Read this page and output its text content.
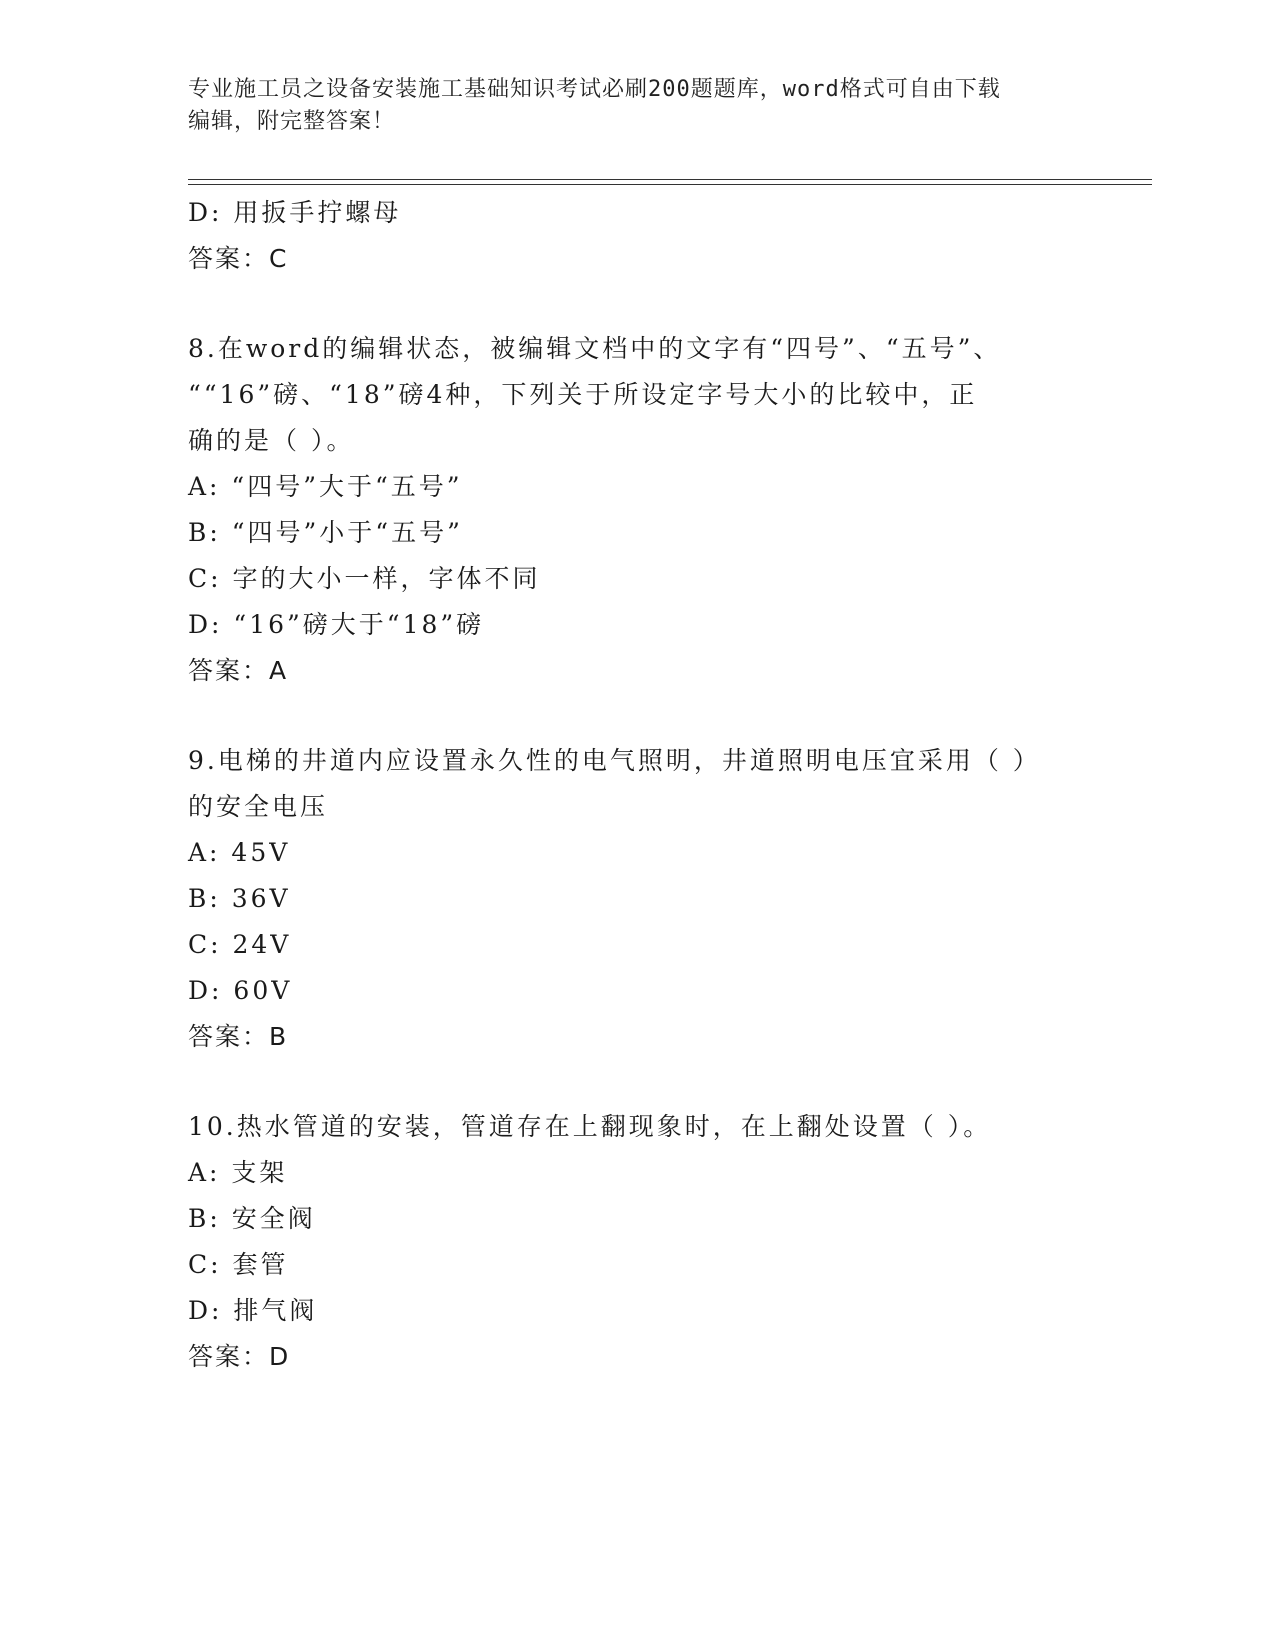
专业施工员之设备安装施工基础知识考试必刷200题题库，word格式可自由下载
编辑，附完整答案！
D: 用扳手拧螺母
答案：C
8.在word的编辑状态，被编辑文档中的文字有“四号”、“五号”、
““16”磅、“18”磅4种，下列关于所设定字号大小的比较中，正
确的是（ ）。
A: “四号”大于“五号”
B: “四号”小于“五号”
C: 字的大小一样，字体不同
D: “16”磅大于“18”磅
答案：A
9.电梯的井道内应设置永久性的电气照明，井道照明电压宜采用（ ）
的安全电压
A: 45V
B: 36V
C: 24V
D: 60V
答案：B
10.热水管道的安装，管道存在上翻现象时，在上翻处设置（ ）。
A: 支架
B: 安全阀
C: 套管
D: 排气阀
答案：D
